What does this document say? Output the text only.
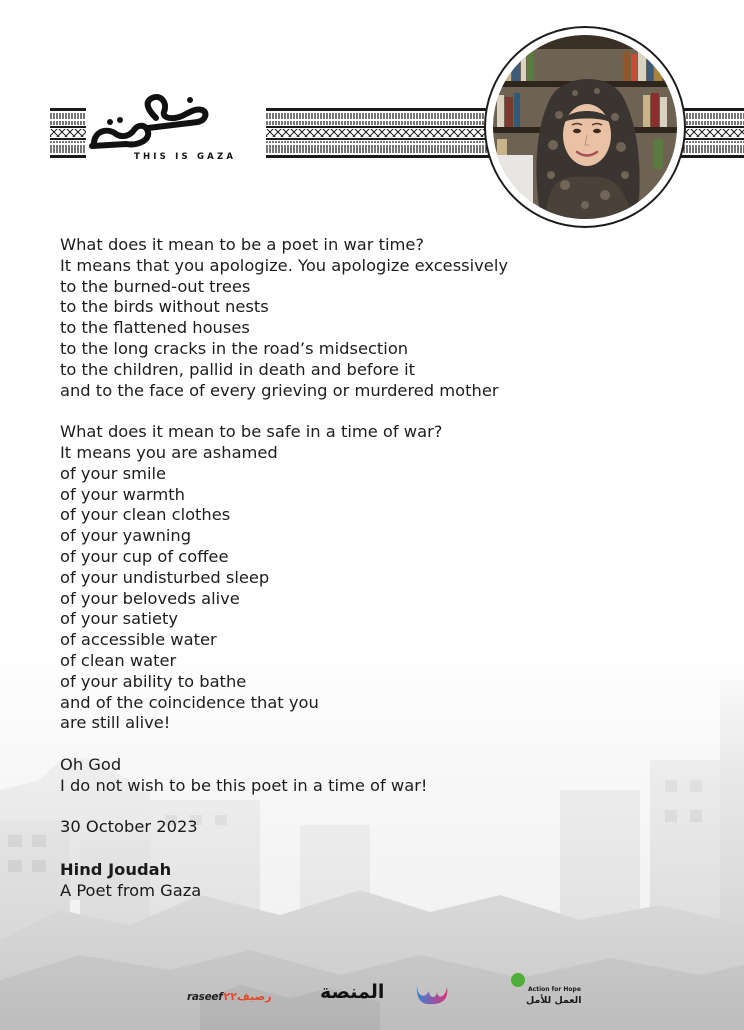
THIS IS GAZA
What does it mean to be a poet in war time?
It means that you apologize. You apologize excessively
to the burned-out trees
to the birds without nests
to the flattened houses
to the long cracks in the road’s midsection
to the children, pallid in death and before it
and to the face of every grieving or murdered mother
What does it mean to be safe in a time of war?
It means you are ashamed
of your smile
of your warmth
of your clean clothes
of your yawning
of your cup of coffee
of your undisturbed sleep
of your beloveds alive
of your satiety
of accessible water
of clean water
of your ability to bathe
and of the coincidence that you
are still alive!
Oh God
I do not wish to be this poet in a time of war!
30 October 2023
Hind Joudah
A Poet from Gaza
raseef رصيف٢٢	المنصة	Action for Hope
العمل للأمل
